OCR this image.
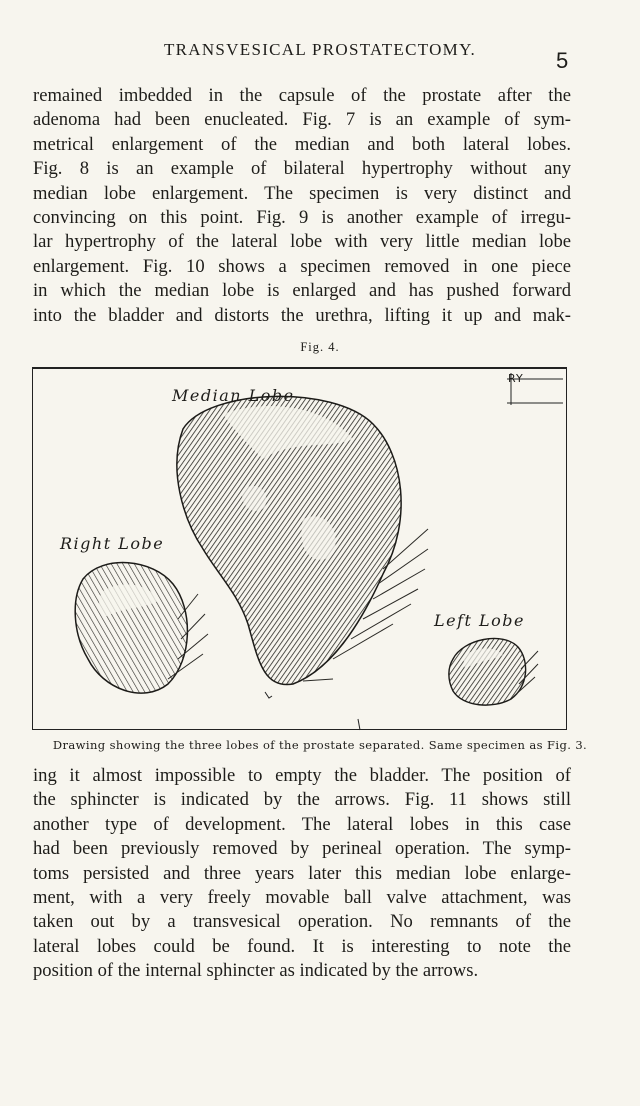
TRANSVESICAL PROSTATECTOMY.	5

remained imbedded in the capsule of the prostate after the
adenoma had been enucleated. Fig. 7 is an example of sym-
metrical enlargement of the median and both lateral lobes.
Fig. 8 is an example of bilateral hypertrophy without any
median lobe enlargement. The specimen is very distinct and
convincing on this point. Fig. 9 is another example of irregu-
lar hypertrophy of the lateral lobe with very little median lobe
enlargement. Fig. 10 shows a specimen removed in one piece
in which the median lobe is enlarged and has pushed forward
into the bladder and distorts the urethra, lifting it up and mak-

Fig. 4.
Median Lobe
Right Lobe
Left Lobe
RY
Drawing showing the three lobes of the prostate separated. Same specimen as Fig. 3.

ing it almost impossible to empty the bladder. The position of
the sphincter is indicated by the arrows. Fig. 11 shows still
another type of development. The lateral lobes in this case
had been previously removed by perineal operation. The symp-
toms persisted and three years later this median lobe enlarge-
ment, with a very freely movable ball valve attachment, was
taken out by a transvesical operation. No remnants of the
lateral lobes could be found. It is interesting to note the
position of the internal sphincter as indicated by the arrows.
